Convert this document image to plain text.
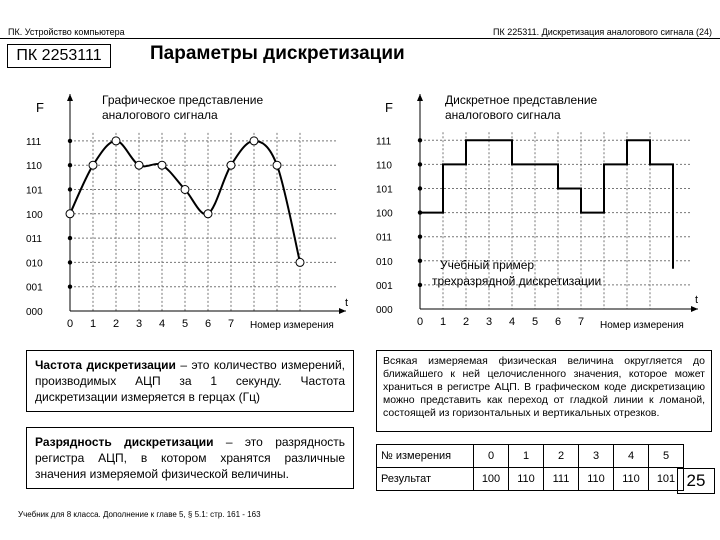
ПК. Устройство компьютера	ПК 225311. Дискретизация аналогового сигнала (24)
ПК 2253111	Параметры дискретизации
000
001
010
011
100
101
110
111
0 1 2 3 4 5 6 7
000
001
010
011
100
101
110
111
0 1 2 3 4 5 6 7
F	Графическое представление
аналогового сигнала
t
Номер измерения
F	Дискретное представление
аналогового сигнала
t
Номер измерения
Учебный пример
трехразрядной дискретизации
Частота дискретизации – это количество измерений, производимых АЦП за 1 секунду. Частота дискретизации измеряется в герцах (Гц)
Разрядность дискретизации – это разрядность регистра АЦП, в котором хранятся различные значения измеряемой физической величины.
Всякая измеряемая физическая величина округляется до ближайшего к ней целочисленного значения, которое может храниться в регистре АЦП. В графическом коде дискретизацию можно представить как переход от гладкой линии к ломаной, состоящей из горизонтальных и вертикальных отрезков.
№ измерения	0	1	2	3	4	5
Результат	100	110	111	110	110	101 25
Учебник для 8 класса. Дополнение к главе 5, § 5.1: стр. 161 - 163
